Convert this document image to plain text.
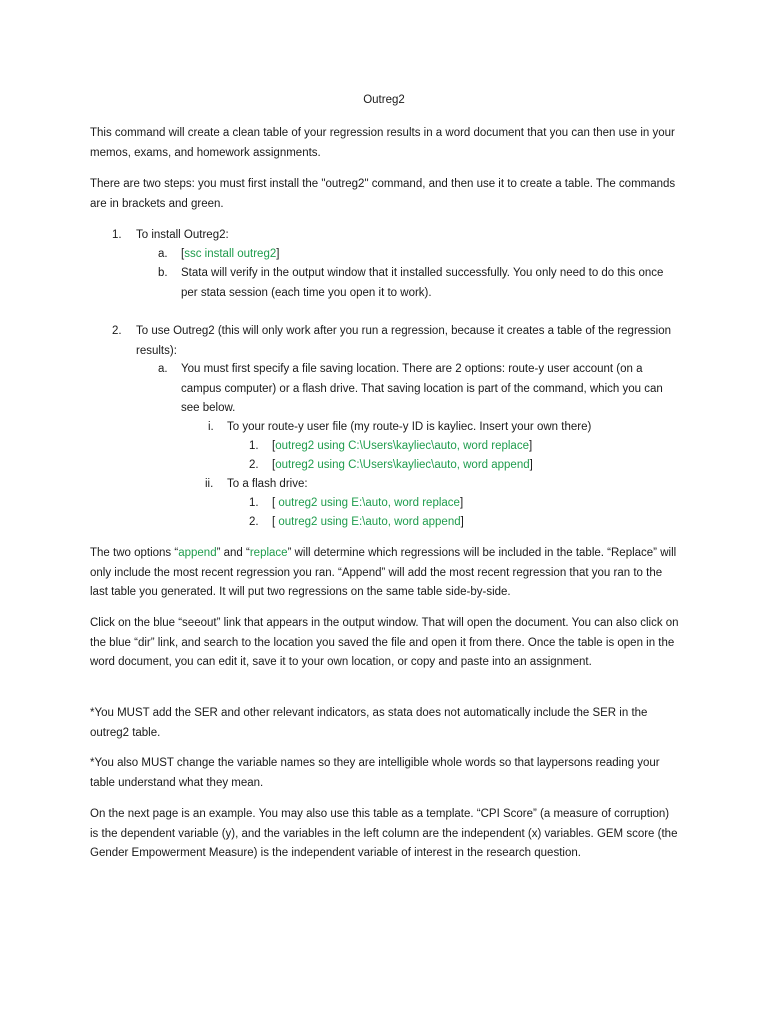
Outreg2

This command will create a clean table of your regression results in a word document that you can then use in your memos, exams, and homework assignments.

There are two steps: you must first install the "outreg2" command, and then use it to create a table. The commands are in brackets and green.

1. To install Outreg2:
a. [ssc install outreg2]
b. Stata will verify in the output window that it installed successfully. You only need to do this once per stata session (each time you open it to work).
2. To use Outreg2 (this will only work after you run a regression, because it creates a table of the regression results):
a. You must first specify a file saving location. There are 2 options: route-y user account (on a campus computer) or a flash drive. That saving location is part of the command, which you can see below.
i. To your route-y user file (my route-y ID is kayliec. Insert your own there)
1. [outreg2 using C:\Users\kayliec\auto, word replace]
2. [outreg2 using C:\Users\kayliec\auto, word append]
ii. To a flash drive:
1. [ outreg2 using E:\auto, word replace]
2. [ outreg2 using E:\auto, word append]

The two options “append” and “replace” will determine which regressions will be included in the table. “Replace” will only include the most recent regression you ran. “Append” will add the most recent regression that you ran to the last table you generated. It will put two regressions on the same table side-by-side.

Click on the blue “seeout” link that appears in the output window. That will open the document. You can also click on the blue “dir” link, and search to the location you saved the file and open it from there. Once the table is open in the word document, you can edit it, save it to your own location, or copy and paste into an assignment.

*You MUST add the SER and other relevant indicators, as stata does not automatically include the SER in the outreg2 table.

*You also MUST change the variable names so they are intelligible whole words so that laypersons reading your table understand what they mean.

On the next page is an example. You may also use this table as a template. “CPI Score” (a measure of corruption) is the dependent variable (y), and the variables in the left column are the independent (x) variables. GEM score (the Gender Empowerment Measure) is the independent variable of interest in the research question.
